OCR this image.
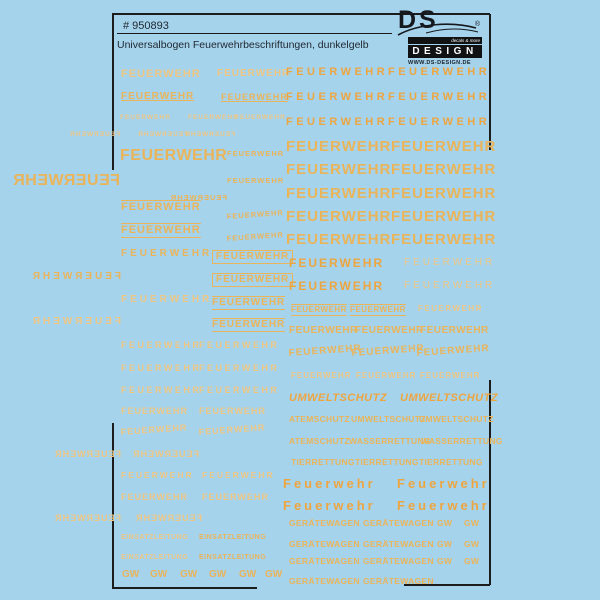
# 950893
Universalbogen Feuerwehrbeschriftungen, dunkelgelb
DS	®
decals & more
DESIGN
WWW.DS-DESIGN.DE
FEUERWEHR
FEUERWEHR
FEUERWEHR
FEUERWEHR
FEUERWEHR
FEUERWEHR
FEUERWEHR
FEUERWEHR
FEUERWEHR
FEUERWEHR
FEUERWEHR
FEUERWEHR
FEUERWEHR
FEUERWEHR
FEUERWEHR
FEUERWEHR
FEUERWEHR
FEUERWEHR
FEUERWEHR FEUERWEHR
FEUERWEHR FEUERWEHR
FEUERWEHR FEUERWEHR
FEUERWEHR FEUERWEHR
FEUERWEHR FEUERWEHR
FEUERWEHR FEUERWEHR
EINSATZLEITUNG EINSATZLEITUNG
EINSATZLEITUNG EINSATZLEITUNG
GW GW GW GW GW GW
FEUERWEHR
FEUERWEHR
FEUERWEHR
FEUERWEHR
FEUERWEHR
FEUERWEHR
FEUERWEHR
FEUERWEHR
FEUERWEHR
FEUERWEHR
FEUERWEHR
FEUERWEHR
FEUERWEHR
FEUERWEHR
FEUERWEHR
FEUERWEHR FEUERWEHR
FEUERWEHR FEUERWEHR
FEUERWEHR FEUERWEHR
FEUERWEHR FEUERWEHR
FEUERWEHR FEUERWEHR
FEUERWEHR FEUERWEHR
FEUERWEHR FEUERWEHR
FEUERWEHR FEUERWEHR
FEUERWEHR FEUERWEHR
FEUERWEHR FEUERWEHR
FEUERWEHR FEUERWEHR FEUERWEHR
FEUERWEHR
FEUERWEHR
FEUERWEHR
FEUERWEHR
FEUERWEHR
FEUERWEHR
FEUERWEHR FEUERWEHR FEUERWEHR
UMWELTSCHUTZ UMWELTSCHUTZ
ATEMSCHUTZ UMWELTSCHUTZ
UMWELTSCHUTZ
ATEMSCHUTZ WASSERRETTUNG
WASSERRETTUNG
TIERRETTUNG TIERRETTUNG TIERRETTUNG
Feuerwehr Feuerwehr
Feuerwehr Feuerwehr
GERÄTEWAGEN GERÄTEWAGEN GW GW
GERÄTEWAGEN GERÄTEWAGEN GW GW
GERÄTEWAGEN GERÄTEWAGEN GW GW
GERÄTEWAGEN GERÄTEWAGEN
